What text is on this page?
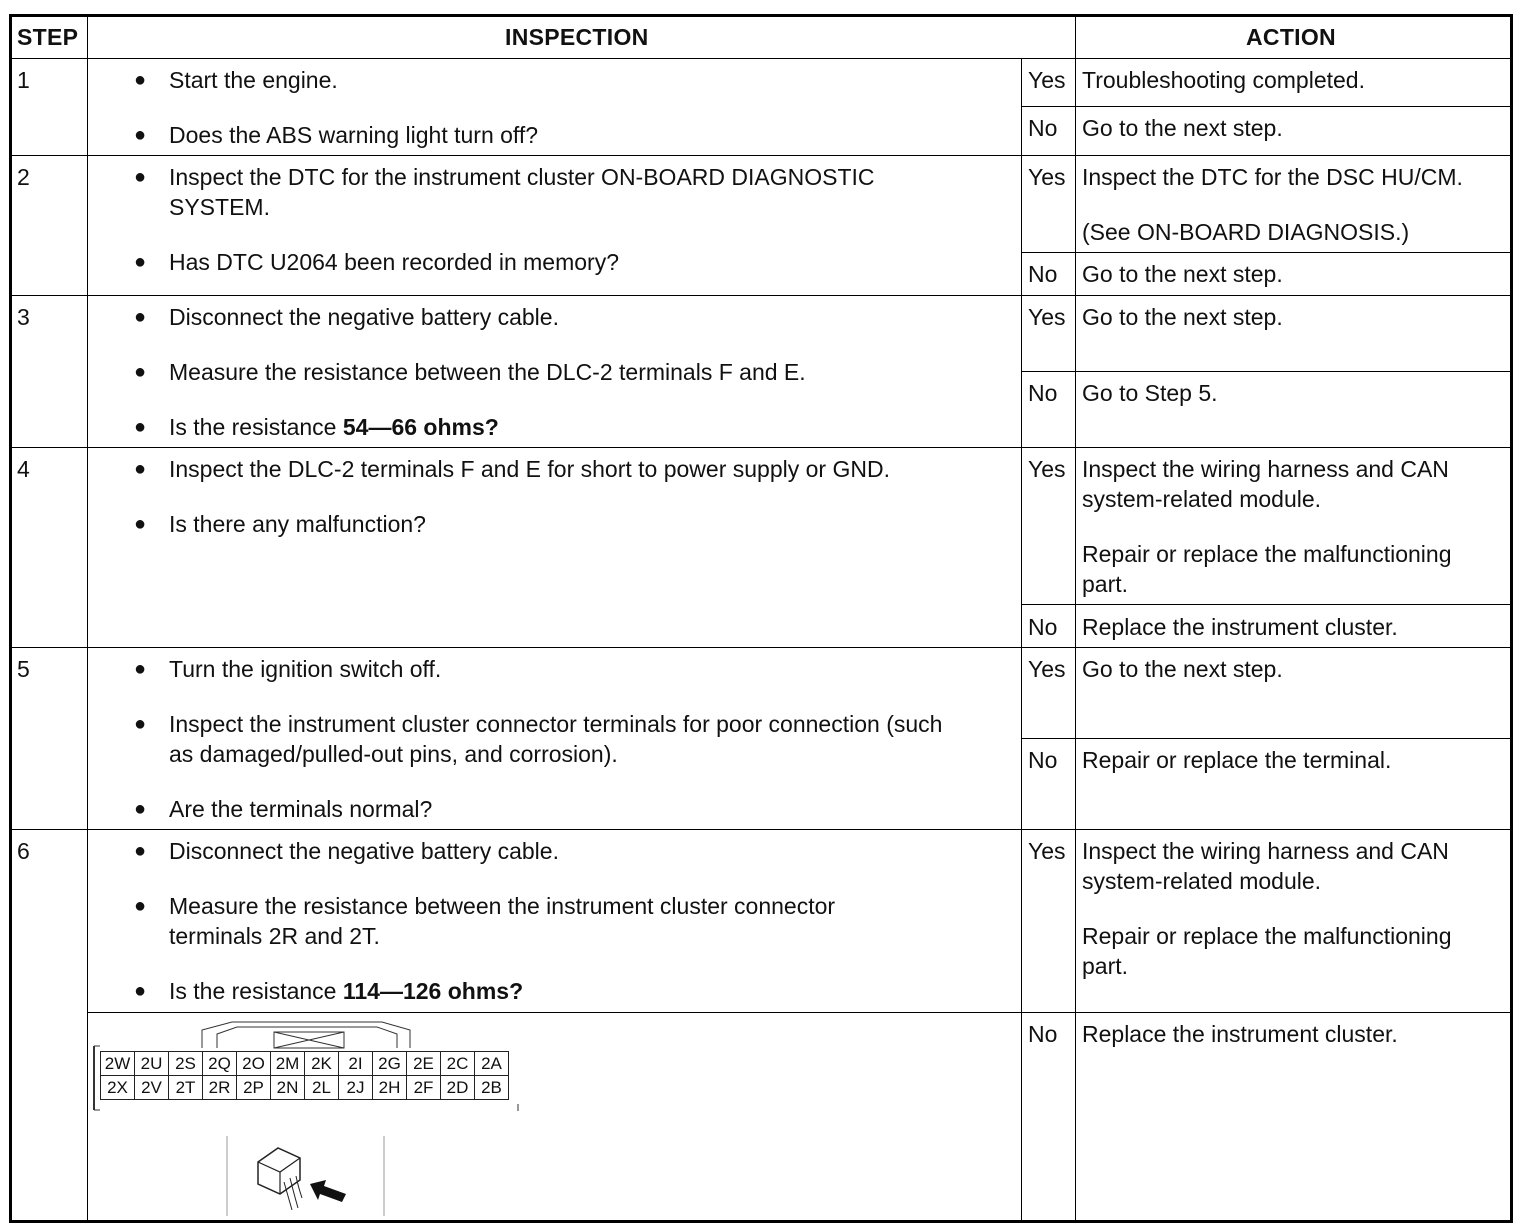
STEP	INSPECTION	ACTION
1	● Start the engine.
● Does the ABS warning light turn off?
Yes Troubleshooting completed.
No Go to the next step.
2	● Inspect the DTC for the instrument cluster ON-BOARD DIAGNOSTIC SYSTEM.
● Has DTC U2064 been recorded in memory?
Yes Inspect the DTC for the DSC HU/CM.
(See ON-BOARD DIAGNOSIS.)
No Go to the next step.
3	● Disconnect the negative battery cable.
● Measure the resistance between the DLC-2 terminals F and E.
● Is the resistance 54—66 ohms?
Yes Go to the next step.
No Go to Step 5.
4	● Inspect the DLC-2 terminals F and E for short to power supply or GND.
● Is there any malfunction?
Yes Inspect the wiring harness and CAN system-related module.
Repair or replace the malfunctioning part.
No Replace the instrument cluster.
5	● Turn the ignition switch off.
● Inspect the instrument cluster connector terminals for poor connection (such as damaged/pulled-out pins, and corrosion).
● Are the terminals normal?
Yes Go to the next step.
No Repair or replace the terminal.
6	● Disconnect the negative battery cable.
● Measure the resistance between the instrument cluster connector terminals 2R and 2T.
● Is the resistance 114—126 ohms?
Yes Inspect the wiring harness and CAN system-related module.
Repair or replace the malfunctioning part.
No Replace the instrument cluster.
2W	2U	2S	2Q	2O	2M	2K	2I	2G	2E	2C	2A
2X	2V	2T	2R	2P	2N	2L	2J	2H	2F	2D	2B
